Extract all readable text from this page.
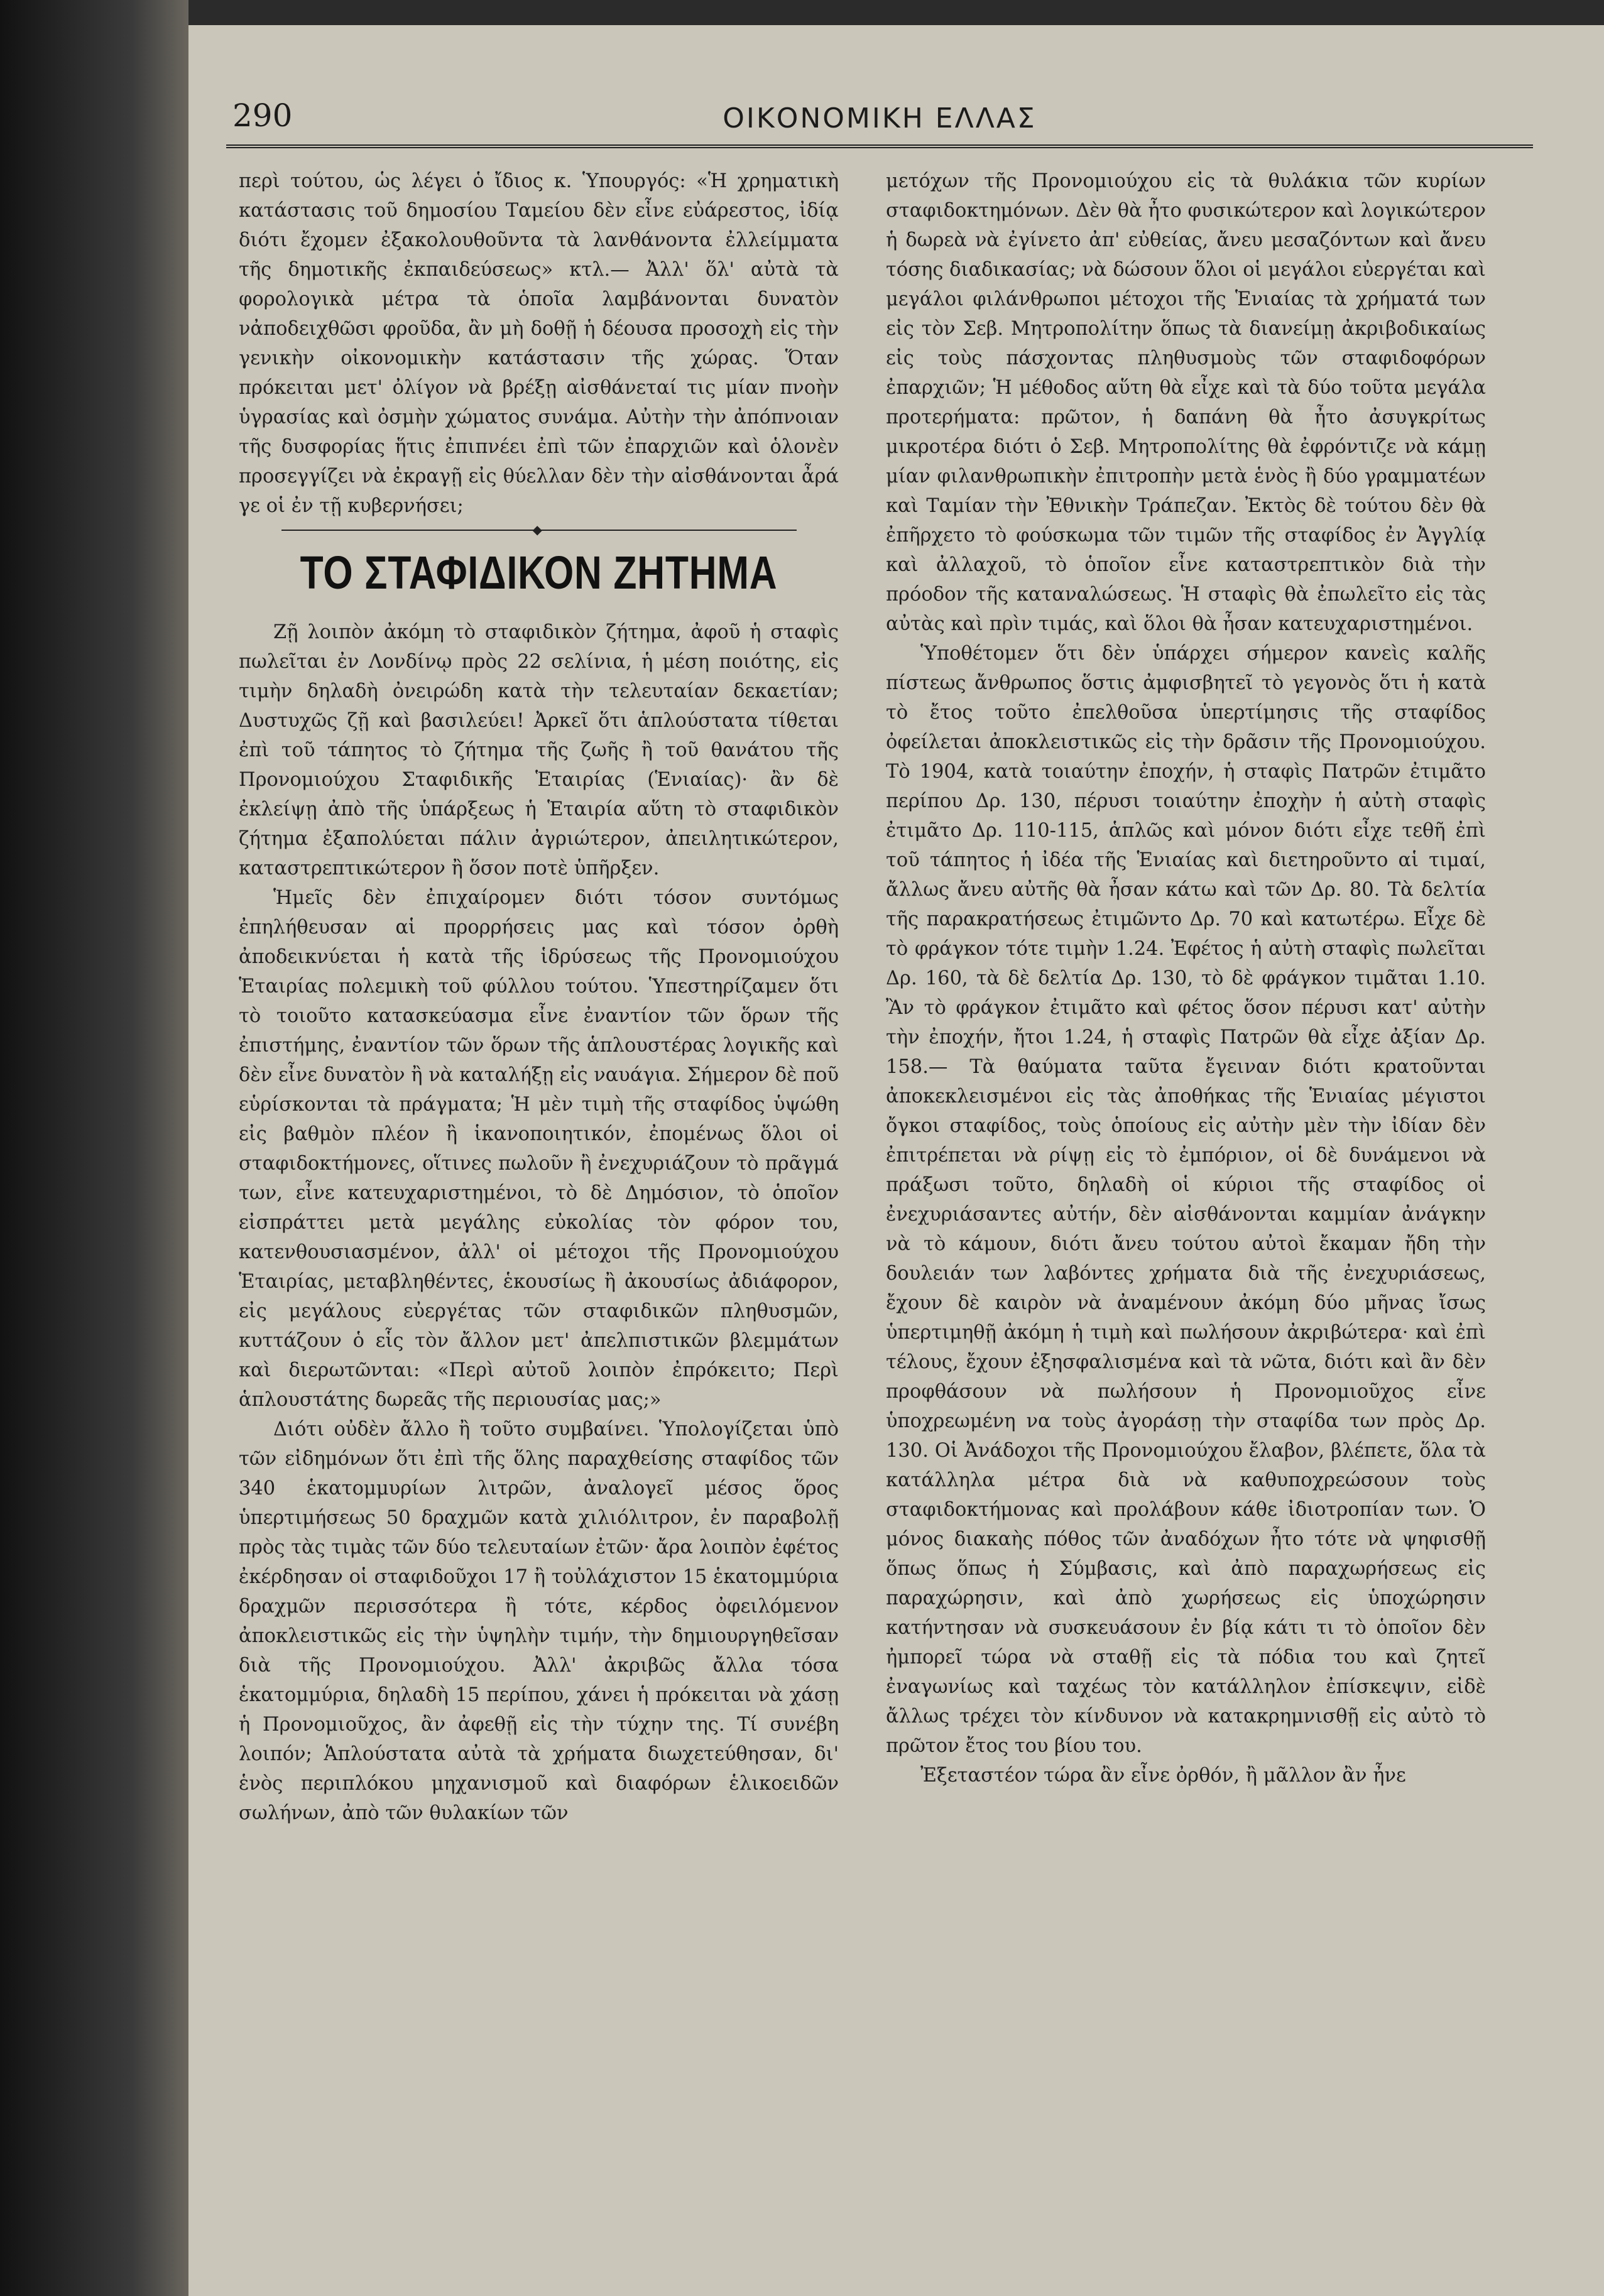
290	ΟΙΚΟΝΟΜΙΚΗ ΕΛΛΑΣ

περὶ τούτου, ὡς λέγει ὁ ἴδιος κ. Ὑπουργός: «Ἡ χρηματικὴ κατάστασις τοῦ δημοσίου Ταμείου δὲν εἶνε εὐάρεστος, ἰδίᾳ διότι ἔχομεν ἐξακολουθοῦντα τὰ λανθάνοντα ἐλλείμματα τῆς δημοτικῆς ἐκπαιδεύσεως» κτλ.— Ἀλλ' ὅλ' αὐτὰ τὰ φορολογικὰ μέτρα τὰ ὁποῖα λαμβάνονται δυνατὸν νἀποδειχθῶσι φροῦδα, ἂν μὴ δοθῇ ἡ δέουσα προσοχὴ εἰς τὴν γενικὴν οἰκονομικὴν κατάστασιν τῆς χώρας. Ὅταν πρόκειται μετ' ὀλίγον νὰ βρέξῃ αἰσθάνεταί τις μίαν πνοὴν ὑγρασίας καὶ ὀσμὴν χώματος συνάμα. Αὐτὴν τὴν ἀπόπνοιαν τῆς δυσφορίας ἥτις ἐπιπνέει ἐπὶ τῶν ἐπαρχιῶν καὶ ὁλονὲν προσεγγίζει νὰ ἐκραγῇ εἰς θύελλαν δὲν τὴν αἰσθάνονται ἆρά γε οἱ ἐν τῇ κυβερνήσει;

◆
ΤΟ ΣΤΑΦΙΔΙΚΟΝ ΖΗΤΗΜΑ

Ζῇ λοιπὸν ἀκόμη τὸ σταφιδικὸν ζήτημα, ἀφοῦ ἡ σταφὶς πωλεῖται ἐν Λονδίνῳ πρὸς 22 σελίνια, ἡ μέση ποιότης, εἰς τιμὴν δηλαδὴ ὀνειρώδη κατὰ τὴν τελευταίαν δεκαετίαν; Δυστυχῶς ζῇ καὶ βασιλεύει! Ἀρκεῖ ὅτι ἁπλούστατα τίθεται ἐπὶ τοῦ τάπητος τὸ ζήτημα τῆς ζωῆς ἢ τοῦ θανάτου τῆς Προνομιούχου Σταφιδικῆς Ἑταιρίας (Ἑνιαίας)· ἂν δὲ ἐκλείψῃ ἀπὸ τῆς ὑπάρξεως ἡ Ἑταιρία αὕτη τὸ σταφιδικὸν ζήτημα ἐξαπολύεται πάλιν ἀγριώτερον, ἀπειλητικώτερον, καταστρεπτικώτερον ἢ ὅσον ποτὲ ὑπῆρξεν.

Ἡμεῖς δὲν ἐπιχαίρομεν διότι τόσον συντόμως ἐπηλήθευσαν αἱ προρρήσεις μας καὶ τόσον ὀρθὴ ἀποδεικνύεται ἡ κατὰ τῆς ἱδρύσεως τῆς Προνομιούχου Ἑταιρίας πολεμικὴ τοῦ φύλλου τούτου. Ὑπεστηρίζαμεν ὅτι τὸ τοιοῦτο κατασκεύασμα εἶνε ἐναντίον τῶν ὅρων τῆς ἐπιστήμης, ἐναντίον τῶν ὅρων τῆς ἁπλουστέρας λογικῆς καὶ δὲν εἶνε δυνατὸν ἢ νὰ καταλήξῃ εἰς ναυάγια. Σήμερον δὲ ποῦ εὑρίσκονται τὰ πράγματα; Ἡ μὲν τιμὴ τῆς σταφίδος ὑψώθη εἰς βαθμὸν πλέον ἢ ἱκανοποιητικόν, ἐπομένως ὅλοι οἱ σταφιδοκτήμονες, οἵτινες πωλοῦν ἢ ἐνεχυριάζουν τὸ πρᾶγμά των, εἶνε κατευχαριστημένοι, τὸ δὲ Δημόσιον, τὸ ὁποῖον εἰσπράττει μετὰ μεγάλης εὐκολίας τὸν φόρον του, κατενθουσιασμένον, ἀλλ' οἱ μέτοχοι τῆς Προνομιούχου Ἑταιρίας, μεταβληθέντες, ἑκουσίως ἢ ἀκουσίως ἀδιάφορον, εἰς μεγάλους εὐεργέτας τῶν σταφιδικῶν πληθυσμῶν, κυττάζουν ὁ εἷς τὸν ἄλλον μετ' ἀπελπιστικῶν βλεμμάτων καὶ διερωτῶνται: «Περὶ αὐτοῦ λοιπὸν ἐπρόκειτο; Περὶ ἁπλουστάτης δωρεᾶς τῆς περιουσίας μας;»

Διότι οὐδὲν ἄλλο ἢ τοῦτο συμβαίνει. Ὑπολογίζεται ὑπὸ τῶν εἰδημόνων ὅτι ἐπὶ τῆς ὅλης παραχθείσης σταφίδος τῶν 340 ἑκατομμυρίων λιτρῶν, ἀναλογεῖ μέσος ὅρος ὑπερτιμήσεως 50 δραχμῶν κατὰ χιλιόλιτρον, ἐν παραβολῇ πρὸς τὰς τιμὰς τῶν δύο τελευταίων ἐτῶν· ἄρα λοιπὸν ἐφέτος ἐκέρδησαν οἱ σταφιδοῦχοι 17 ἢ τοὐλάχιστον 15 ἑκατομμύρια δραχμῶν περισσότερα ἢ τότε, κέρδος ὀφειλόμενον ἀποκλειστικῶς εἰς τὴν ὑψηλὴν τιμήν, τὴν δημιουργηθεῖσαν διὰ τῆς Προνομιούχου. Ἀλλ' ἀκριβῶς ἄλλα τόσα ἑκατομμύρια, δηλαδὴ 15 περίπου, χάνει ἡ πρόκειται νὰ χάσῃ ἡ Προνομιοῦχος, ἂν ἀφεθῇ εἰς τὴν τύχην της. Τί συνέβη λοιπόν; Ἁπλούστατα αὐτὰ τὰ χρήματα διωχετεύθησαν, δι' ἑνὸς περιπλόκου μηχανισμοῦ καὶ διαφόρων ἑλικοειδῶν σωλήνων, ἀπὸ τῶν θυλακίων τῶν

μετόχων τῆς Προνομιούχου εἰς τὰ θυλάκια τῶν κυρίων σταφιδοκτημόνων. Δὲν θὰ ἦτο φυσικώτερον καὶ λογικώτερον ἡ δωρεὰ νὰ ἐγίνετο ἀπ' εὐθείας, ἄνευ μεσαζόντων καὶ ἄνευ τόσης διαδικασίας; νὰ δώσουν ὅλοι οἱ μεγάλοι εὐεργέται καὶ μεγάλοι φιλάνθρωποι μέτοχοι τῆς Ἑνιαίας τὰ χρήματά των εἰς τὸν Σεβ. Μητροπολίτην ὅπως τὰ διανείμῃ ἀκριβοδικαίως εἰς τοὺς πάσχοντας πληθυσμοὺς τῶν σταφιδοφόρων ἐπαρχιῶν; Ἡ μέθοδος αὕτη θὰ εἶχε καὶ τὰ δύο τοῦτα μεγάλα προτερήματα: πρῶτον, ἡ δαπάνη θὰ ἦτο ἀσυγκρίτως μικροτέρα διότι ὁ Σεβ. Μητροπολίτης θὰ ἐφρόντιζε νὰ κάμῃ μίαν φιλανθρωπικὴν ἐπιτροπὴν μετὰ ἑνὸς ἢ δύο γραμματέων καὶ Ταμίαν τὴν Ἐθνικὴν Τράπεζαν. Ἐκτὸς δὲ τούτου δὲν θὰ ἐπῆρχετο τὸ φούσκωμα τῶν τιμῶν τῆς σταφίδος ἐν Ἀγγλίᾳ καὶ ἀλλαχοῦ, τὸ ὁποῖον εἶνε καταστρεπτικὸν διὰ τὴν πρόοδον τῆς καταναλώσεως. Ἡ σταφὶς θὰ ἐπωλεῖτο εἰς τὰς αὐτὰς καὶ πρὶν τιμάς, καὶ ὅλοι θὰ ἦσαν κατευχαριστημένοι.

Ὑποθέτομεν ὅτι δὲν ὑπάρχει σήμερον κανεὶς καλῆς πίστεως ἄνθρωπος ὅστις ἀμφισβητεῖ τὸ γεγονὸς ὅτι ἡ κατὰ τὸ ἔτος τοῦτο ἐπελθοῦσα ὑπερτίμησις τῆς σταφίδος ὀφείλεται ἀποκλειστικῶς εἰς τὴν δρᾶσιν τῆς Προνομιούχου. Τὸ 1904, κατὰ τοιαύτην ἐποχήν, ἡ σταφὶς Πατρῶν ἐτιμᾶτο περίπου Δρ. 130, πέρυσι τοιαύτην ἐποχὴν ἡ αὐτὴ σταφὶς ἐτιμᾶτο Δρ. 110-115, ἁπλῶς καὶ μόνον διότι εἶχε τεθῆ ἐπὶ τοῦ τάπητος ἡ ἰδέα τῆς Ἑνιαίας καὶ διετηροῦντο αἱ τιμαί, ἄλλως ἄνευ αὐτῆς θὰ ἦσαν κάτω καὶ τῶν Δρ. 80. Τὰ δελτία τῆς παρακρατήσεως ἐτιμῶντο Δρ. 70 καὶ κατωτέρω. Εἶχε δὲ τὸ φράγκον τότε τιμὴν 1.24. Ἐφέτος ἡ αὐτὴ σταφὶς πωλεῖται Δρ. 160, τὰ δὲ δελτία Δρ. 130, τὸ δὲ φράγκον τιμᾶται 1.10. Ἂν τὸ φράγκον ἐτιμᾶτο καὶ φέτος ὅσον πέρυσι κατ' αὐτὴν τὴν ἐποχήν, ἤτοι 1.24, ἡ σταφὶς Πατρῶν θὰ εἶχε ἀξίαν Δρ. 158.— Τὰ θαύματα ταῦτα ἔγειναν διότι κρατοῦνται ἀποκεκλεισμένοι εἰς τὰς ἀποθήκας τῆς Ἑνιαίας μέγιστοι ὄγκοι σταφίδος, τοὺς ὁποίους εἰς αὐτὴν μὲν τὴν ἰδίαν δὲν ἐπιτρέπεται νὰ ρίψῃ εἰς τὸ ἐμπόριον, οἱ δὲ δυνάμενοι νὰ πράξωσι τοῦτο, δηλαδὴ οἱ κύριοι τῆς σταφίδος οἱ ἐνεχυριάσαντες αὐτήν, δὲν αἰσθάνονται καμμίαν ἀνάγκην νὰ τὸ κάμουν, διότι ἄνευ τούτου αὐτοὶ ἔκαμαν ἤδη τὴν δουλειάν των λαβόντες χρήματα διὰ τῆς ἐνεχυριάσεως, ἔχουν δὲ καιρὸν νὰ ἀναμένουν ἀκόμη δύο μῆνας ἴσως ὑπερτιμηθῇ ἀκόμη ἡ τιμὴ καὶ πωλήσουν ἀκριβώτερα· καὶ ἐπὶ τέλους, ἔχουν ἐξησφαλισμένα καὶ τὰ νῶτα, διότι καὶ ἂν δὲν προφθάσουν νὰ πωλήσουν ἡ Προνομιοῦχος εἶνε ὑποχρεωμένη να τοὺς ἀγοράσῃ τὴν σταφίδα των πρὸς Δρ. 130. Οἱ Ἀνάδοχοι τῆς Προνομιούχου ἔλαβον, βλέπετε, ὅλα τὰ κατάλληλα μέτρα διὰ νὰ καθυποχρεώσουν τοὺς σταφιδοκτήμονας καὶ προλάβουν κάθε ἰδιοτροπίαν των. Ὁ μόνος διακαὴς πόθος τῶν ἀναδόχων ἦτο τότε νὰ ψηφισθῇ ὅπως ὅπως ἡ Σύμβασις, καὶ ἀπὸ παραχωρήσεως εἰς παραχώρησιν, καὶ ἀπὸ χωρήσεως εἰς ὑποχώρησιν κατήντησαν νὰ συσκευάσουν ἐν βίᾳ κάτι τι τὸ ὁποῖον δὲν ἠμπορεῖ τώρα νὰ σταθῇ εἰς τὰ πόδια του καὶ ζητεῖ ἐναγωνίως καὶ ταχέως τὸν κατάλληλον ἐπίσκεψιν, εἰδὲ ἄλλως τρέχει τὸν κίνδυνον νὰ κατακρημνισθῇ εἰς αὐτὸ τὸ πρῶτον ἔτος του βίου του.

Ἐξεταστέον τώρα ἂν εἶνε ὀρθόν, ἢ μᾶλλον ἂν ἦνε
